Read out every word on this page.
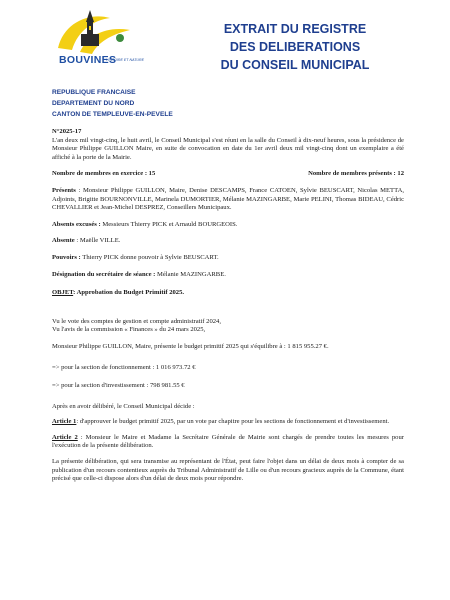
BOUVINES
HISTOIRE ET NATURE
EXTRAIT DU REGISTRE
DES DELIBERATIONS
DU CONSEIL MUNICIPAL
REPUBLIQUE FRANCAISE
DEPARTEMENT DU NORD
CANTON DE TEMPLEUVE-EN-PEVELE

N°2025-17

L'an deux mil vingt-cinq, le huit avril, le Conseil Municipal s'est réuni en la salle du Conseil à dix-neuf heures, sous la présidence de Monsieur Philippe GUILLON Maire, en suite de convocation en date du 1er avril deux mil vingt-cinq dont un exemplaire a été affiché à la porte de la Mairie.

Nombre de membres en exercice : 15	Nombre de membres présents : 12

Présents : Monsieur Philippe GUILLON, Maire, Denise DESCAMPS, France CATOEN, Sylvie BEUSCART, Nicolas METTA, Adjoints, Brigitte BOURNONVILLE, Marinela DUMORTIER, Mélanie MAZINGARBE, Marie PELINI, Thomas BIDEAU, Cédric CHEVALLIER et Jean-Michel DESPREZ, Conseillers Municipaux.

Absents excusés : Messieurs Thierry PICK et Arnauld BOURGEOIS.

Absente : Maëlle VILLE.

Pouvoirs : Thierry PICK donne pouvoir à Sylvie BEUSCART.

Désignation du secrétaire de séance : Mélanie MAZINGARBE.

OBJET: Approbation du Budget Primitif 2025.

Vu le vote des comptes de gestion et compte administratif 2024,

Vu l'avis de la commission « Finances » du 24 mars 2025,

Monsieur Philippe GUILLON, Maire, présente le budget primitif 2025 qui s'équilibre à : 1 815 955.27 €.

=> pour la section de fonctionnement : 1 016 973.72 €

=> pour la section d'investissement : 798 981.55 €

Après en avoir délibéré, le Conseil Municipal décide :

Article 1: d'approuver le budget primitif 2025, par un vote par chapitre pour les sections de fonctionnement et d'investissement.

Article 2 : Monsieur le Maire et Madame la Secrétaire Générale de Mairie sont chargés de prendre toutes les mesures pour l'exécution de la présente délibération.

La présente délibération, qui sera transmise au représentant de l'État, peut faire l'objet dans un délai de deux mois à compter de sa publication d'un recours contentieux auprès du Tribunal Administratif de Lille ou d'un recours gracieux auprès de la Commune, étant précisé que celle-ci dispose alors d'un délai de deux mois pour répondre.
